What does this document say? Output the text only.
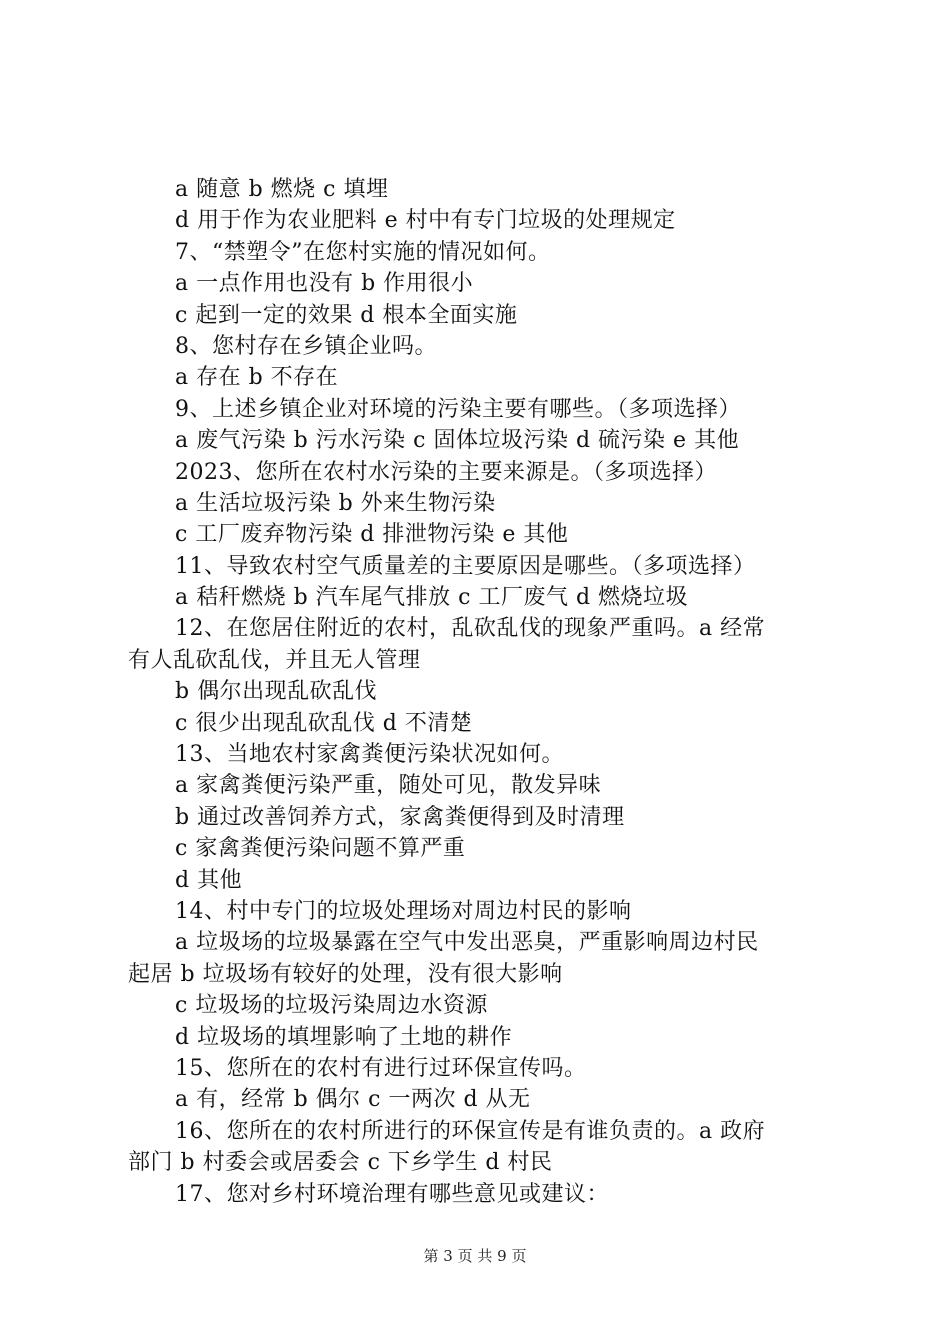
a 随意 b 燃烧 c 填埋
d 用于作为农业肥料 e 村中有专门垃圾的处理规定
7、“禁塑令”在您村实施的情况如何。
a 一点作用也没有 b 作用很小
c 起到一定的效果 d 根本全面实施
8、您村存在乡镇企业吗。
a 存在 b 不存在
9、上述乡镇企业对环境的污染主要有哪些。（多项选择）
a 废气污染 b 污水污染 c 固体垃圾污染 d 硫污染 e 其他
2023、您所在农村水污染的主要来源是。（多项选择）
a 生活垃圾污染 b 外来生物污染
c 工厂废弃物污染 d 排泄物污染 e 其他
11、导致农村空气质量差的主要原因是哪些。（多项选择）
a 秸秆燃烧 b 汽车尾气排放 c 工厂废气 d 燃烧垃圾
12、在您居住附近的农村，乱砍乱伐的现象严重吗。a 经常
有人乱砍乱伐，并且无人管理
b 偶尔出现乱砍乱伐
c 很少出现乱砍乱伐 d 不清楚
13、当地农村家禽粪便污染状况如何。
a 家禽粪便污染严重，随处可见，散发异味
b 通过改善饲养方式，家禽粪便得到及时清理
c 家禽粪便污染问题不算严重
d 其他
14、村中专门的垃圾处理场对周边村民的影响
a 垃圾场的垃圾暴露在空气中发出恶臭，严重影响周边村民
起居 b 垃圾场有较好的处理，没有很大影响
c 垃圾场的垃圾污染周边水资源
d 垃圾场的填埋影响了土地的耕作
15、您所在的农村有进行过环保宣传吗。
a 有，经常 b 偶尔 c 一两次 d 从无
16、您所在的农村所进行的环保宣传是有谁负责的。a 政府
部门 b 村委会或居委会 c 下乡学生 d 村民
17、您对乡村环境治理有哪些意见或建议：
第 3 页 共 9 页
